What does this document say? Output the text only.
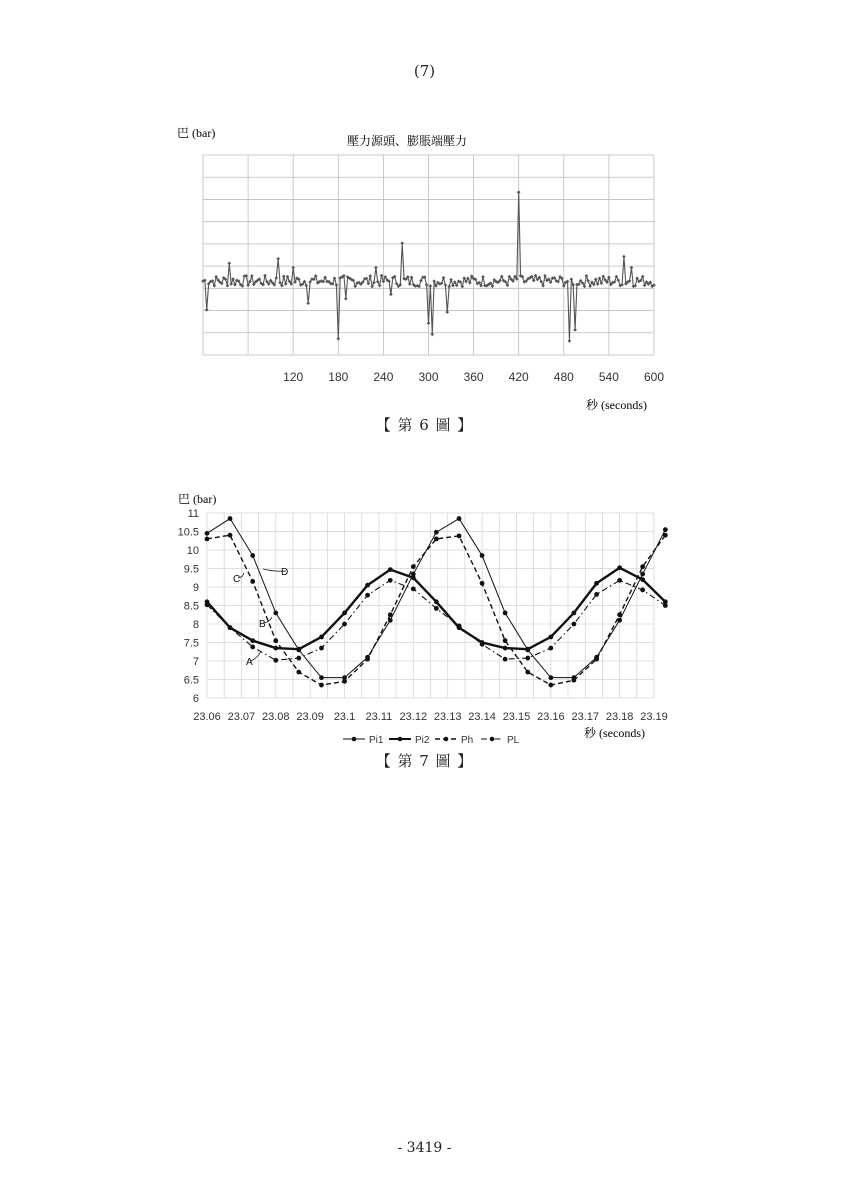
(7)
巴 (bar)
壓力源頭、膨脹端壓力
120 180 240 300 360 420 480 540 600
秒 (seconds)
【 第 6 圖 】
巴 (bar)
6
6.5
7
7.5
8
8.5
9
9.5
10
10.5
11
23.06 23.07 23.08 23.09 23.1 23.11 23.12 23.13 23.14 23.15 23.16 23.17 23.18 23.19
A
B
C
D
Pi1	Pi2	Ph	PL
秒 (seconds)
【 第 7 圖 】
- 3419 -
